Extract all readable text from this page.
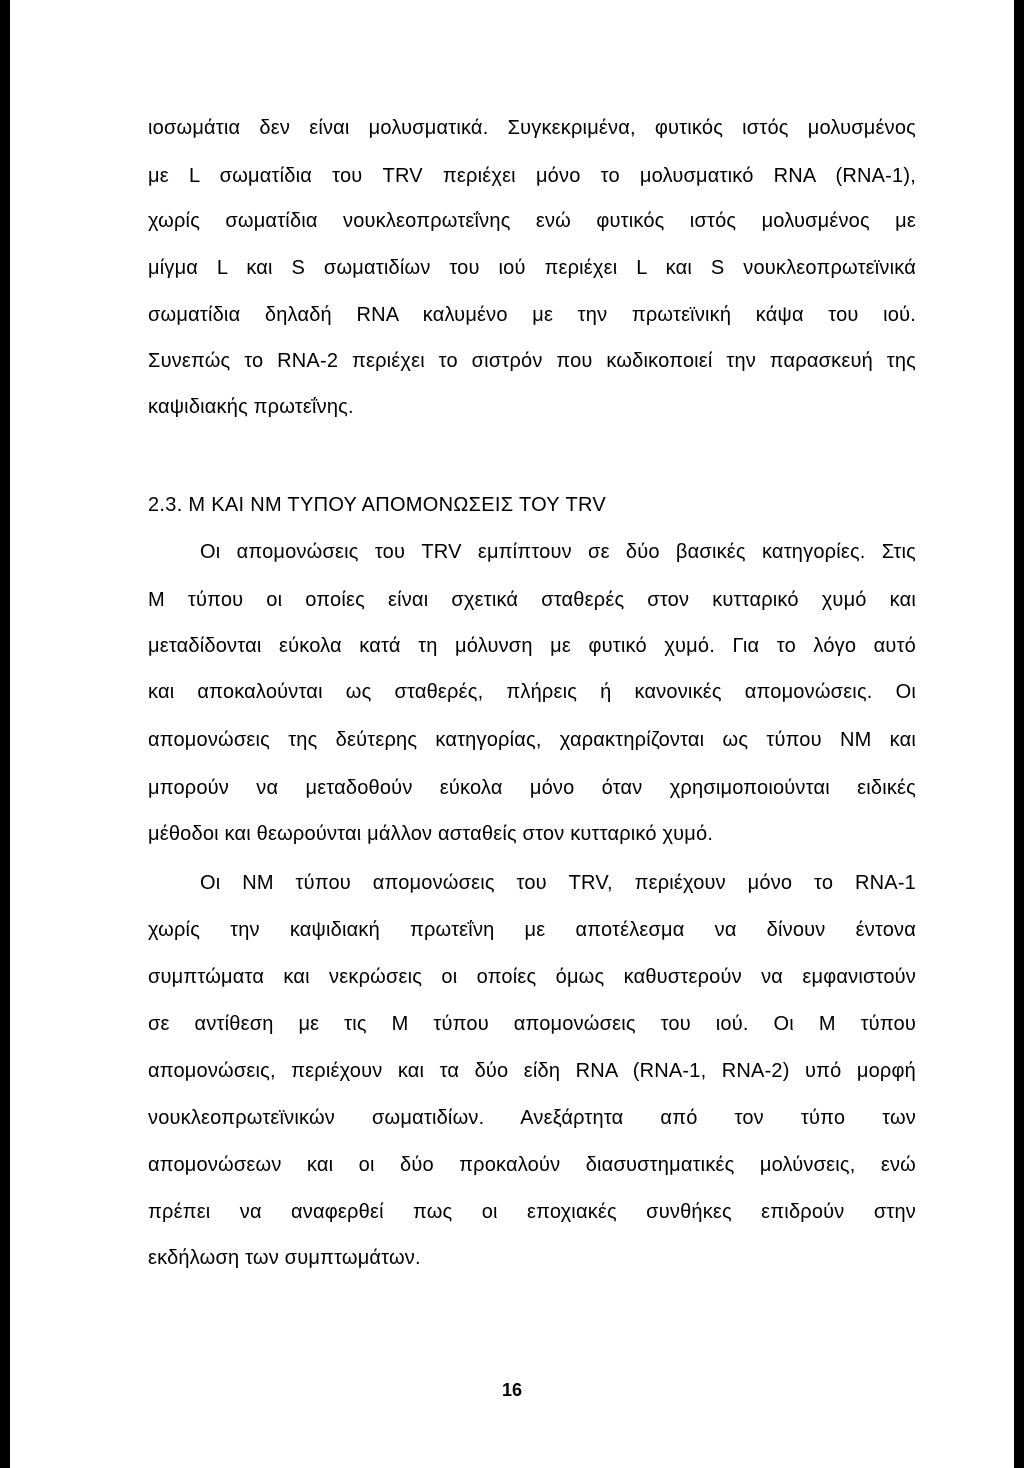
ιοσωμάτια δεν είναι μολυσματικά. Συγκεκριμένα, φυτικός ιστός μολυσμένος
με L σωματίδια του TRV περιέχει μόνο το μολυσματικό RNA (RNA-1),
χωρίς σωματίδια νουκλεοπρωτεΐνης ενώ φυτικός ιστός μολυσμένος με
μίγμα L και S σωματιδίων του ιού περιέχει L και S νουκλεοπρωτεϊνικά
σωματίδια δηλαδή RNA καλυμένο με την πρωτεϊνική κάψα του ιού.
Συνεπώς το RNA-2 περιέχει το σιστρόν που κωδικοποιεί την παρασκευή της
καψιδιακής πρωτεΐνης.
2.3. Μ ΚΑΙ ΝΜ ΤΥΠΟΥ ΑΠΟΜΟΝΩΣΕΙΣ ΤΟΥ TRV
Οι απομονώσεις του TRV εμπίπτουν σε δύο βασικές κατηγορίες. Στις
Μ τύπου οι οποίες είναι σχετικά σταθερές στον κυτταρικό χυμό και
μεταδίδονται εύκολα κατά τη μόλυνση με φυτικό χυμό. Για το λόγο αυτό
και αποκαλούνται ως σταθερές, πλήρεις ή κανονικές απομονώσεις. Οι
απομονώσεις της δεύτερης κατηγορίας, χαρακτηρίζονται ως τύπου ΝΜ και
μπορούν να μεταδοθούν εύκολα μόνο όταν χρησιμοποιούνται ειδικές
μέθοδοι και θεωρούνται μάλλον ασταθείς στον κυτταρικό χυμό.
Οι ΝΜ τύπου απομονώσεις του TRV, περιέχουν μόνο το RNA-1
χωρίς την καψιδιακή πρωτεΐνη με αποτέλεσμα να δίνουν έντονα
συμπτώματα και νεκρώσεις οι οποίες όμως καθυστερούν να εμφανιστούν
σε αντίθεση με τις Μ τύπου απομονώσεις του ιού. Οι Μ τύπου
απομονώσεις, περιέχουν και τα δύο είδη RNA (RNA-1, RNA-2) υπό μορφή
νουκλεοπρωτεϊνικών σωματιδίων. Ανεξάρτητα από τον τύπο των
απομονώσεων και οι δύο προκαλούν διασυστηματικές μολύνσεις, ενώ
πρέπει να αναφερθεί πως οι εποχιακές συνθήκες επιδρούν στην
εκδήλωση των συμπτωμάτων.
16
